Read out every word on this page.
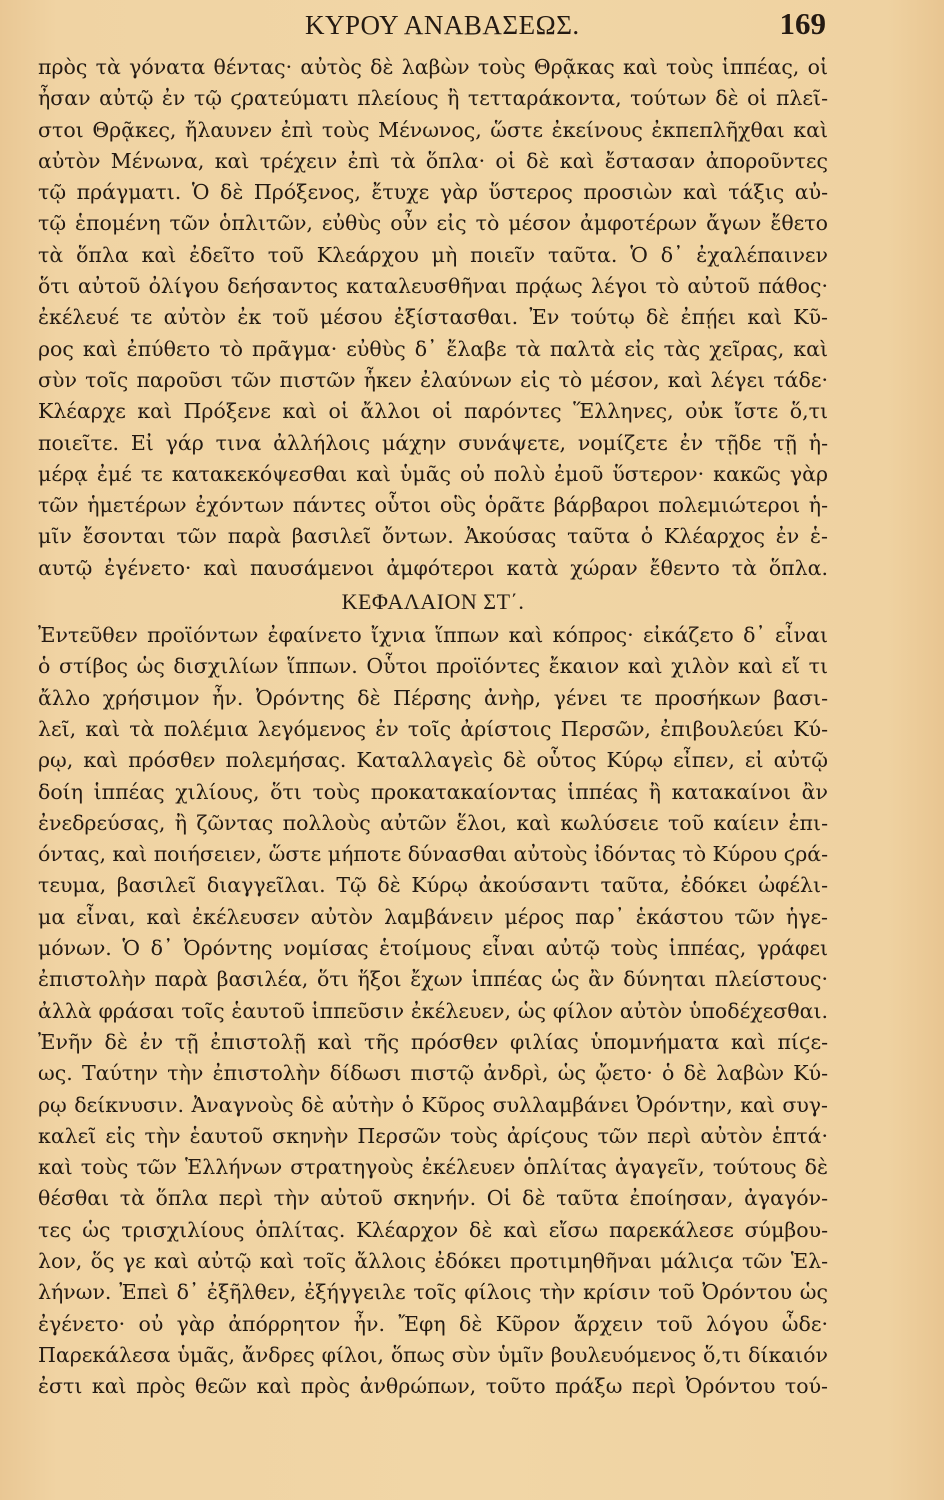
ΚΥΡΟΥ ΑΝΑΒΑΣΕΩΣ.	169
πρὸς τὰ γόνατα θέντας· αὐτὸς δὲ λαβὼν τοὺς Θρᾷκας καὶ τοὺς ἱππέας, οἱ
ἦσαν αὐτῷ ἐν τῷ ϛρατεύματι πλείους ἢ τετταράκοντα, τούτων δὲ οἱ πλεῖ-
στοι Θρᾷκες, ἤλαυνεν ἐπὶ τοὺς Μένωνος, ὥστε ἐκείνους ἐκπεπλῆχθαι καὶ
αὐτὸν Μένωνα, καὶ τρέχειν ἐπὶ τὰ ὅπλα· οἱ δὲ καὶ ἔστασαν ἀποροῦντες
τῷ πράγματι. Ὁ δὲ Πρόξενος, ἔτυχε γὰρ ὕστερος προσιὼν καὶ τάξις αὐ-
τῷ ἑπομένη τῶν ὁπλιτῶν, εὐθὺς οὖν εἰς τὸ μέσον ἀμφοτέρων ἄγων ἔθετο
τὰ ὅπλα καὶ ἐδεῖτο τοῦ Κλεάρχου μὴ ποιεῖν ταῦτα. Ὁ δ᾽ ἐχαλέπαινεν
ὅτι αὐτοῦ ὀλίγου δεήσαντος καταλευσθῆναι πρᾴως λέγοι τὸ αὐτοῦ πάθος·
ἐκέλευέ τε αὐτὸν ἐκ τοῦ μέσου ἐξίστασθαι. Ἐν τούτῳ δὲ ἐπῄει καὶ Κῦ-
ρος καὶ ἐπύθετο τὸ πρᾶγμα· εὐθὺς δ᾽ ἔλαβε τὰ παλτὰ εἰς τὰς χεῖρας, καὶ
σὺν τοῖς παροῦσι τῶν πιστῶν ἧκεν ἐλαύνων εἰς τὸ μέσον, καὶ λέγει τάδε·
Κλέαρχε καὶ Πρόξενε καὶ οἱ ἄλλοι οἱ παρόντες Ἕλληνες, οὐκ ἴστε ὅ,τι
ποιεῖτε. Εἰ γάρ τινα ἀλλήλοις μάχην συνάψετε, νομίζετε ἐν τῇδε τῇ ἡ-
μέρᾳ ἐμέ τε κατακεκόψεσθαι καὶ ὑμᾶς οὐ πολὺ ἐμοῦ ὕστερον· κακῶς γὰρ
τῶν ἡμετέρων ἐχόντων πάντες οὗτοι οὓς ὁρᾶτε βάρβαροι πολεμιώτεροι ἡ-
μῖν ἔσονται τῶν παρὰ βασιλεῖ ὄντων. Ἀκούσας ταῦτα ὁ Κλέαρχος ἐν ἑ-
αυτῷ ἐγένετο· καὶ παυσάμενοι ἀμφότεροι κατὰ χώραν ἔθεντο τὰ ὅπλα.
ΚΕΦΑΛΑΙΟΝ ΣΤ΄.
Ἐντεῦθεν προϊόντων ἐφαίνετο ἴχνια ἵππων καὶ κόπρος· εἰκάζετο δ᾽ εἶναι
ὁ στίβος ὡς δισχιλίων ἵππων. Οὗτοι προϊόντες ἔκαιον καὶ χιλὸν καὶ εἴ τι
ἄλλο χρήσιμον ἦν. Ὀρόντης δὲ Πέρσης ἀνὴρ, γένει τε προσήκων βασι-
λεῖ, καὶ τὰ πολέμια λεγόμενος ἐν τοῖς ἀρίστοις Περσῶν, ἐπιβουλεύει Κύ-
ρῳ, καὶ πρόσθεν πολεμήσας. Καταλλαγεὶς δὲ οὗτος Κύρῳ εἶπεν, εἰ αὐτῷ
δοίη ἱππέας χιλίους, ὅτι τοὺς προκατακαίοντας ἱππέας ἢ κατακαίνοι ἂν
ἐνεδρεύσας, ἢ ζῶντας πολλοὺς αὐτῶν ἕλοι, καὶ κωλύσειε τοῦ καίειν ἐπι-
όντας, καὶ ποιήσειεν, ὥστε μήποτε δύνασθαι αὐτοὺς ἰδόντας τὸ Κύρου ϛρά-
τευμα, βασιλεῖ διαγγεῖλαι. Τῷ δὲ Κύρῳ ἀκούσαντι ταῦτα, ἐδόκει ὠφέλι-
μα εἶναι, καὶ ἐκέλευσεν αὐτὸν λαμβάνειν μέρος παρ᾽ ἑκάστου τῶν ἡγε-
μόνων. Ὁ δ᾽ Ὀρόντης νομίσας ἑτοίμους εἶναι αὐτῷ τοὺς ἱππέας, γράφει
ἐπιστολὴν παρὰ βασιλέα, ὅτι ἥξοι ἔχων ἱππέας ὡς ἂν δύνηται πλείστους·
ἀλλὰ φράσαι τοῖς ἑαυτοῦ ἱππεῦσιν ἐκέλευεν, ὡς φίλον αὐτὸν ὑποδέχεσθαι.
Ἐνῆν δὲ ἐν τῇ ἐπιστολῇ καὶ τῆς πρόσθεν φιλίας ὑπομνήματα καὶ πίϛε-
ως. Ταύτην τὴν ἐπιστολὴν δίδωσι πιστῷ ἀνδρὶ, ὡς ᾤετο· ὁ δὲ λαβὼν Κύ-
ρῳ δείκνυσιν. Ἀναγνοὺς δὲ αὐτὴν ὁ Κῦρος συλλαμβάνει Ὀρόντην, καὶ συγ-
καλεῖ εἰς τὴν ἑαυτοῦ σκηνὴν Περσῶν τοὺς ἀρίϛους τῶν περὶ αὐτὸν ἑπτά·
καὶ τοὺς τῶν Ἑλλήνων στρατηγοὺς ἐκέλευεν ὁπλίτας ἀγαγεῖν, τούτους δὲ
θέσθαι τὰ ὅπλα περὶ τὴν αὐτοῦ σκηνήν. Οἱ δὲ ταῦτα ἐποίησαν, ἀγαγόν-
τες ὡς τρισχιλίους ὁπλίτας. Κλέαρχον δὲ καὶ εἴσω παρεκάλεσε σύμβου-
λον, ὅς γε καὶ αὐτῷ καὶ τοῖς ἄλλοις ἐδόκει προτιμηθῆναι μάλιϛα τῶν Ἑλ-
λήνων. Ἐπεὶ δ᾽ ἐξῆλθεν, ἐξήγγειλε τοῖς φίλοις τὴν κρίσιν τοῦ Ὀρόντου ὡς
ἐγένετο· οὐ γὰρ ἀπόρρητον ἦν. Ἔφη δὲ Κῦρον ἄρχειν τοῦ λόγου ὧδε·
Παρεκάλεσα ὑμᾶς, ἄνδρες φίλοι, ὅπως σὺν ὑμῖν βουλευόμενος ὅ,τι δίκαιόν
ἐστι καὶ πρὸς θεῶν καὶ πρὸς ἀνθρώπων, τοῦτο πράξω περὶ Ὀρόντου τού-
